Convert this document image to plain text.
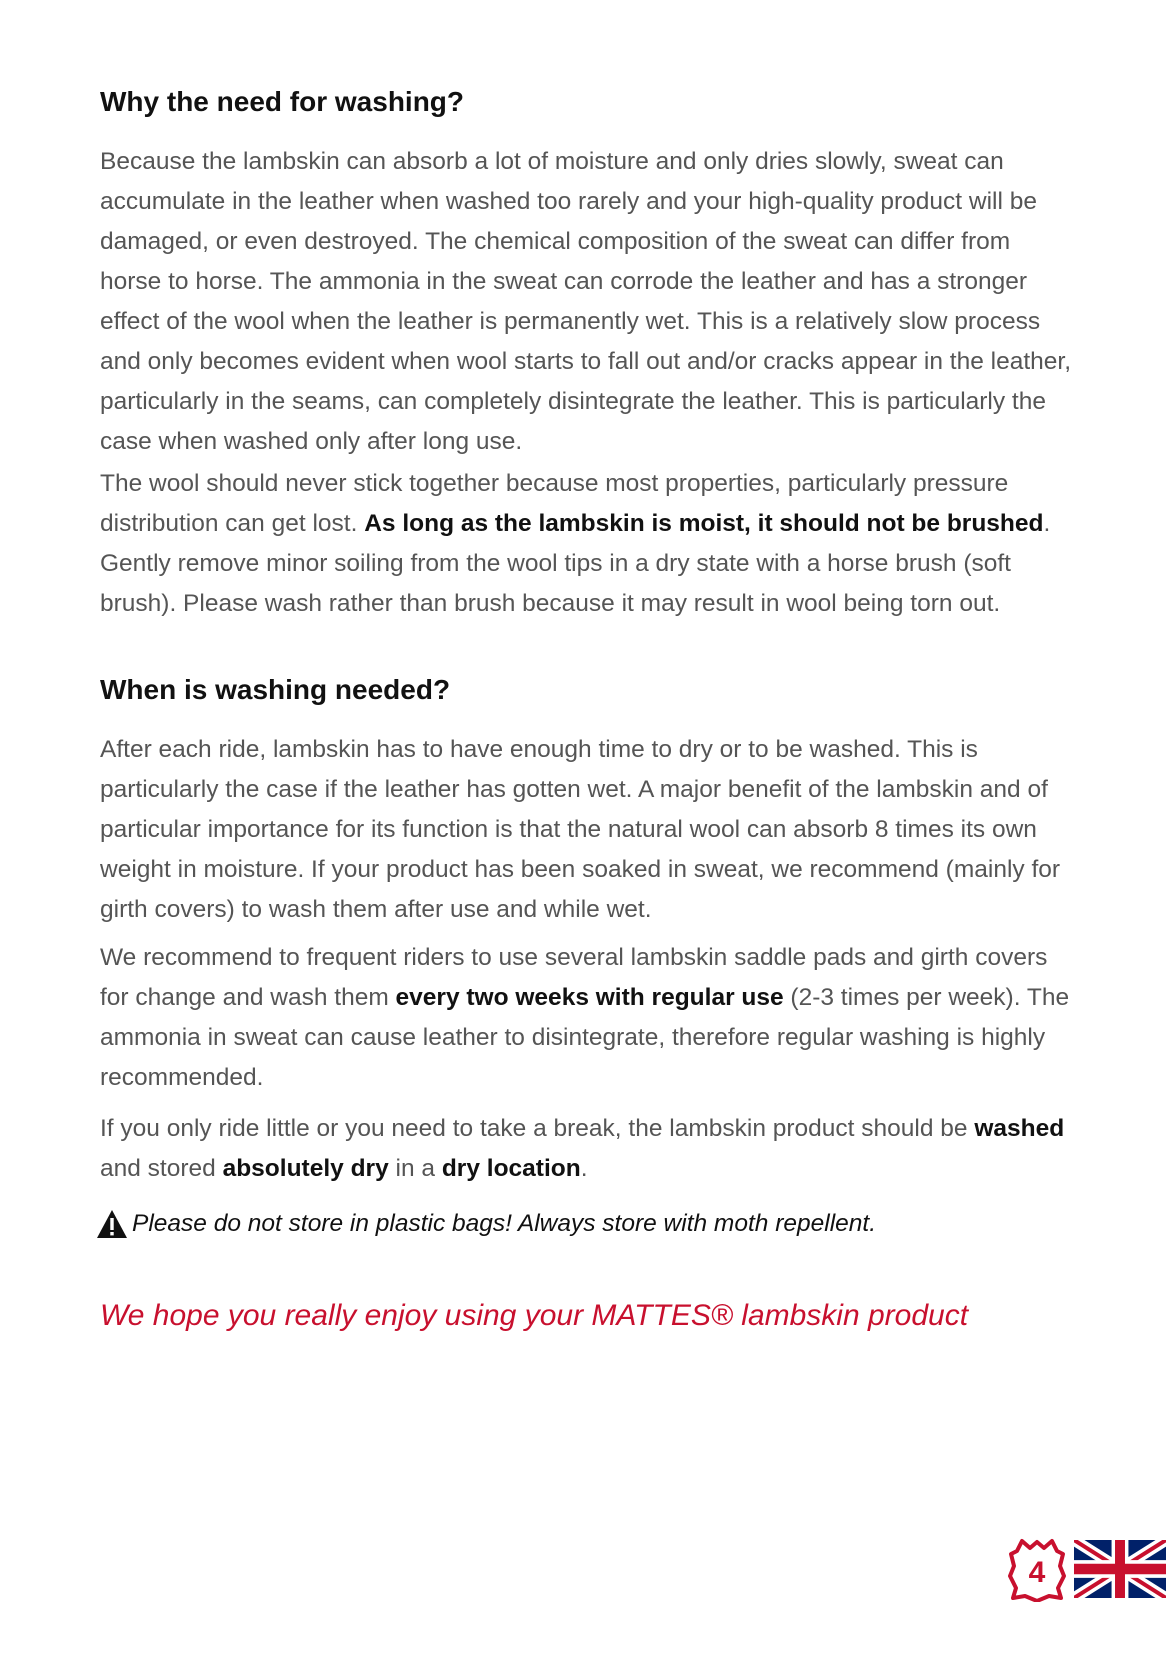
Why the need for washing?

Because the lambskin can absorb a lot of moisture and only dries slowly, sweat can accumulate in the leather when washed too rarely and your high-quality product will be damaged, or even destroyed. The chemical composition of the sweat can differ from horse to horse. The ammonia in the sweat can corrode the leather and has a stronger effect of the wool when the leather is permanently wet. This is a relatively slow process and only becomes evident when wool starts to fall out and/or cracks appear in the leather, particularly in the seams, can completely disintegrate the leather. This is particularly the case when washed only after long use.

The wool should never stick together because most properties, particularly pressure distribution can get lost. As long as the lambskin is moist, it should not be brushed. Gently remove minor soiling from the wool tips in a dry state with a horse brush (soft brush). Please wash rather than brush because it may result in wool being torn out.

When is washing needed?

After each ride, lambskin has to have enough time to dry or to be washed. This is particularly the case if the leather has gotten wet. A major benefit of the lambskin and of particular importance for its function is that the natural wool can absorb 8 times its own weight in moisture. If your product has been soaked in sweat, we recommend (mainly for girth covers) to wash them after use and while wet.

We recommend to frequent riders to use several lambskin saddle pads and girth covers for change and wash them every two weeks with regular use (2-3 times per week). The ammonia in sweat can cause leather to disintegrate, therefore regular washing is highly recommended.

If you only ride little or you need to take a break, the lambskin product should be washed and stored absolutely dry in a dry location.

Please do not store in plastic bags! Always store with moth repellent.

We hope you really enjoy using your MATTES® lambskin product

4
